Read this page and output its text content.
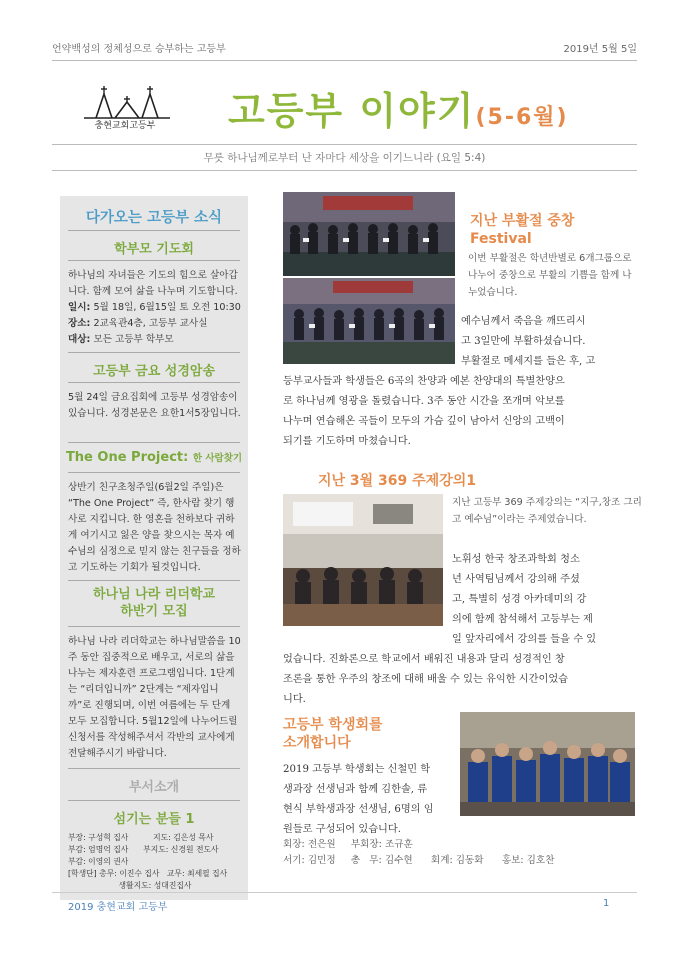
언약백성의 정체성으로 승부하는 고등부	2019년 5월 5일
충현교회고등부	고등부 이야기(5-6월)
무릇 하나님께로부터 난 자마다 세상을 이기느니라 (요일 5:4)
다가오는 고등부 소식
학부모 기도회
하나님의 자녀들은 기도의 힘으로 살아갑니다. 함께 모여 삶을 나누며 기도합니다.
일시: 5월 18일, 6월15일 토 오전 10:30
장소: 2교육관4층, 고등부 교사실
대상: 모든 고등부 학부모
고등부 금요 성경암송
5월 24일 금요집회에 고등부 성경암송이 있습니다. 성경본문은 요한1서5장입니다.
The One Project: 한 사람찾기
상반기 친구초청주일(6월2일 주일)은 “The One Project” 즉, 한사람 찾기 행사로 지킵니다. 한 영혼을 천하보다 귀하게 여기시고 잃은 양을 찾으시는 목자 예수님의 심정으로 믿지 않는 친구들을 정하고 기도하는 기회가 될것입니다.
하나님 나라 리더학교
하반기 모집
하나님 나라 리더학교는 하나님말씀을 10주 동안 집중적으로 배우고, 서로의 삶을 나누는 제자훈련 프로그램입니다. 1단계는 “리더입니까” 2단계는 “제자입니까”로 진행되며, 이번 여름에는 두 단계 모두 모집합니다. 5월12일에 나누어드릴 신청서를 작성해주셔서 각반의 교사에게 전달해주시기 바랍니다.
부서소개
섬기는 분들 1
부장: 구성혁 집사          지도: 김은성 목사
부감: 엄명억 집사      부지도: 신경원 전도사
부감: 이영의 권사
[학생단] 총무: 이진수 집사   교무: 최세필 집사
생활지도: 성대진집사
지난 부활절 중창
Festival
이번 부활절은 학년반별로 6개그룹으로 나누어 중창으로 부활의 기쁨을 함께 나누었습니다.
예수님께서 죽음을 깨뜨리시
고 3일만에 부활하셨습니다.
부활절로 메세지를 들은 후, 고
등부교사들과 학생들은 6곡의 찬양과 예본 찬양대의 특별찬양으
로 하나님께 영광을 돌렸습니다. 3주 동안 시간을 쪼개며 악보를
나누며 연습해온 곡들이 모두의 가슴 깊이 남아서 신앙의 고백이
되기를 기도하며 마쳤습니다.
지난 3월 369 주제강의1
지난 고등부 369 주제강의는 “지구,창조 그리고 예수님”이라는 주제였습니다.
노휘성 한국 창조과학회 청소
년 사역팀님께서 강의해 주셨
고, 특별히 성경 아카데미의 강
의에 함께 참석해서 고등부는 제
일 앞자리에서 강의를 들을 수 있
었습니다. 진화론으로 학교에서 배워진 내용과 달리 성경적인 창
조론을 통한 우주의 창조에 대해 배울 수 있는 유익한 시간이었습
니다.
고등부 학생회를
소개합니다
2019 고등부 학생회는 신철민 학
생과장 선생님과 함께 김한솔, 류
현식 부학생과장 선생님, 6명의 임
원들로 구성되어 있습니다.
회장: 전은원     부회장: 조규훈
서기: 김민정     총   무: 김수현      회계: 김동화      홍보: 김호찬
2019 충현교회 고등부	1
